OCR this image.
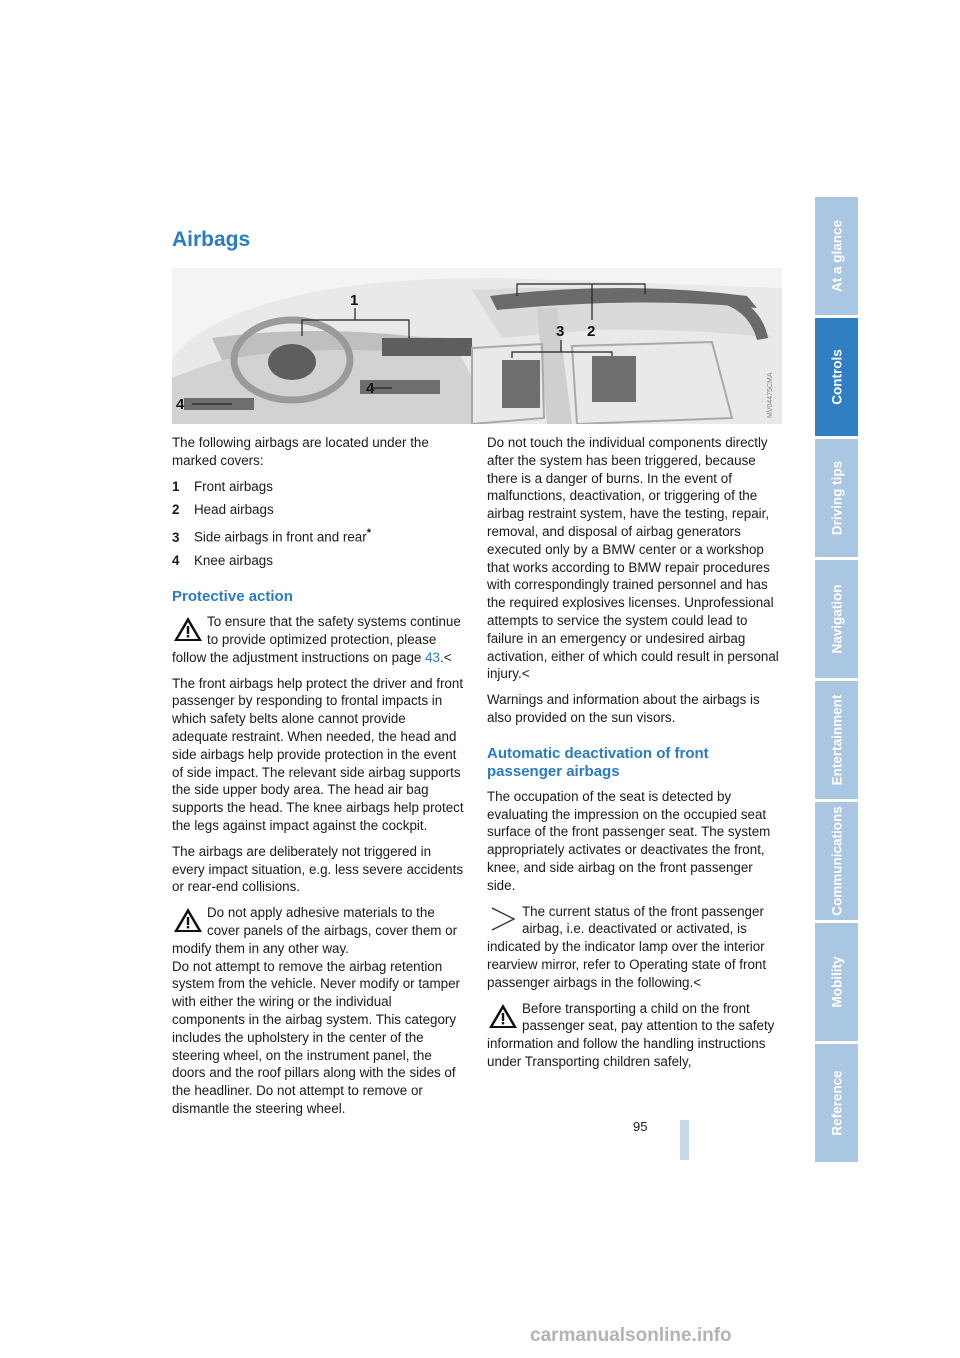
Airbags
1
2
3
4
4	MV04475CMA

The following airbags are located under the marked covers:

1 Front airbags
2 Head airbags
3 Side airbags in front and rear*
4 Knee airbags
Protective action
To ensure that the safety systems continue to provide optimized protection, please follow the adjustment instructions on page 43.<

The front airbags help protect the driver and front passenger by responding to frontal impacts in which safety belts alone cannot provide adequate restraint. When needed, the head and side airbags help provide protection in the event of side impact. The relevant side airbag supports the side upper body area. The head air bag supports the head. The knee airbags help protect the legs against impact against the cockpit.

The airbags are deliberately not triggered in every impact situation, e.g. less severe accidents or rear-end collisions.

Do not apply adhesive materials to the cover panels of the airbags, cover them or modify them in any other way.
Do not attempt to remove the airbag retention system from the vehicle. Never modify or tamper with either the wiring or the individual components in the airbag system. This category includes the upholstery in the center of the steering wheel, on the instrument panel, the doors and the roof pillars along with the sides of the headliner. Do not attempt to remove or dismantle the steering wheel.
Do not touch the individual components directly after the system has been triggered, because there is a danger of burns. In the event of malfunctions, deactivation, or triggering of the airbag restraint system, have the testing, repair, removal, and disposal of airbag generators executed only by a BMW center or a workshop that works according to BMW repair procedures with correspondingly trained personnel and has the required explosives licenses. Unprofessional attempts to service the system could lead to failure in an emergency or undesired airbag activation, either of which could result in personal injury.<

Warnings and information about the airbags is also provided on the sun visors.

Automatic deactivation of front passenger airbags

The occupation of the seat is detected by evaluating the impression on the occupied seat surface of the front passenger seat. The system appropriately activates or deactivates the front, knee, and side airbag on the front passenger side.

The current status of the front passenger airbag, i.e. deactivated or activated, is indicated by the indicator lamp over the interior rearview mirror, refer to Operating state of front passenger airbags in the following.<
Before transporting a child on the front passenger seat, pay attention to the safety information and follow the handling instructions under Transporting children safely,
95
At a glance
Controls
Driving tips
Navigation
Entertainment
Communications
Mobility
Reference
carmanualsonline.info
